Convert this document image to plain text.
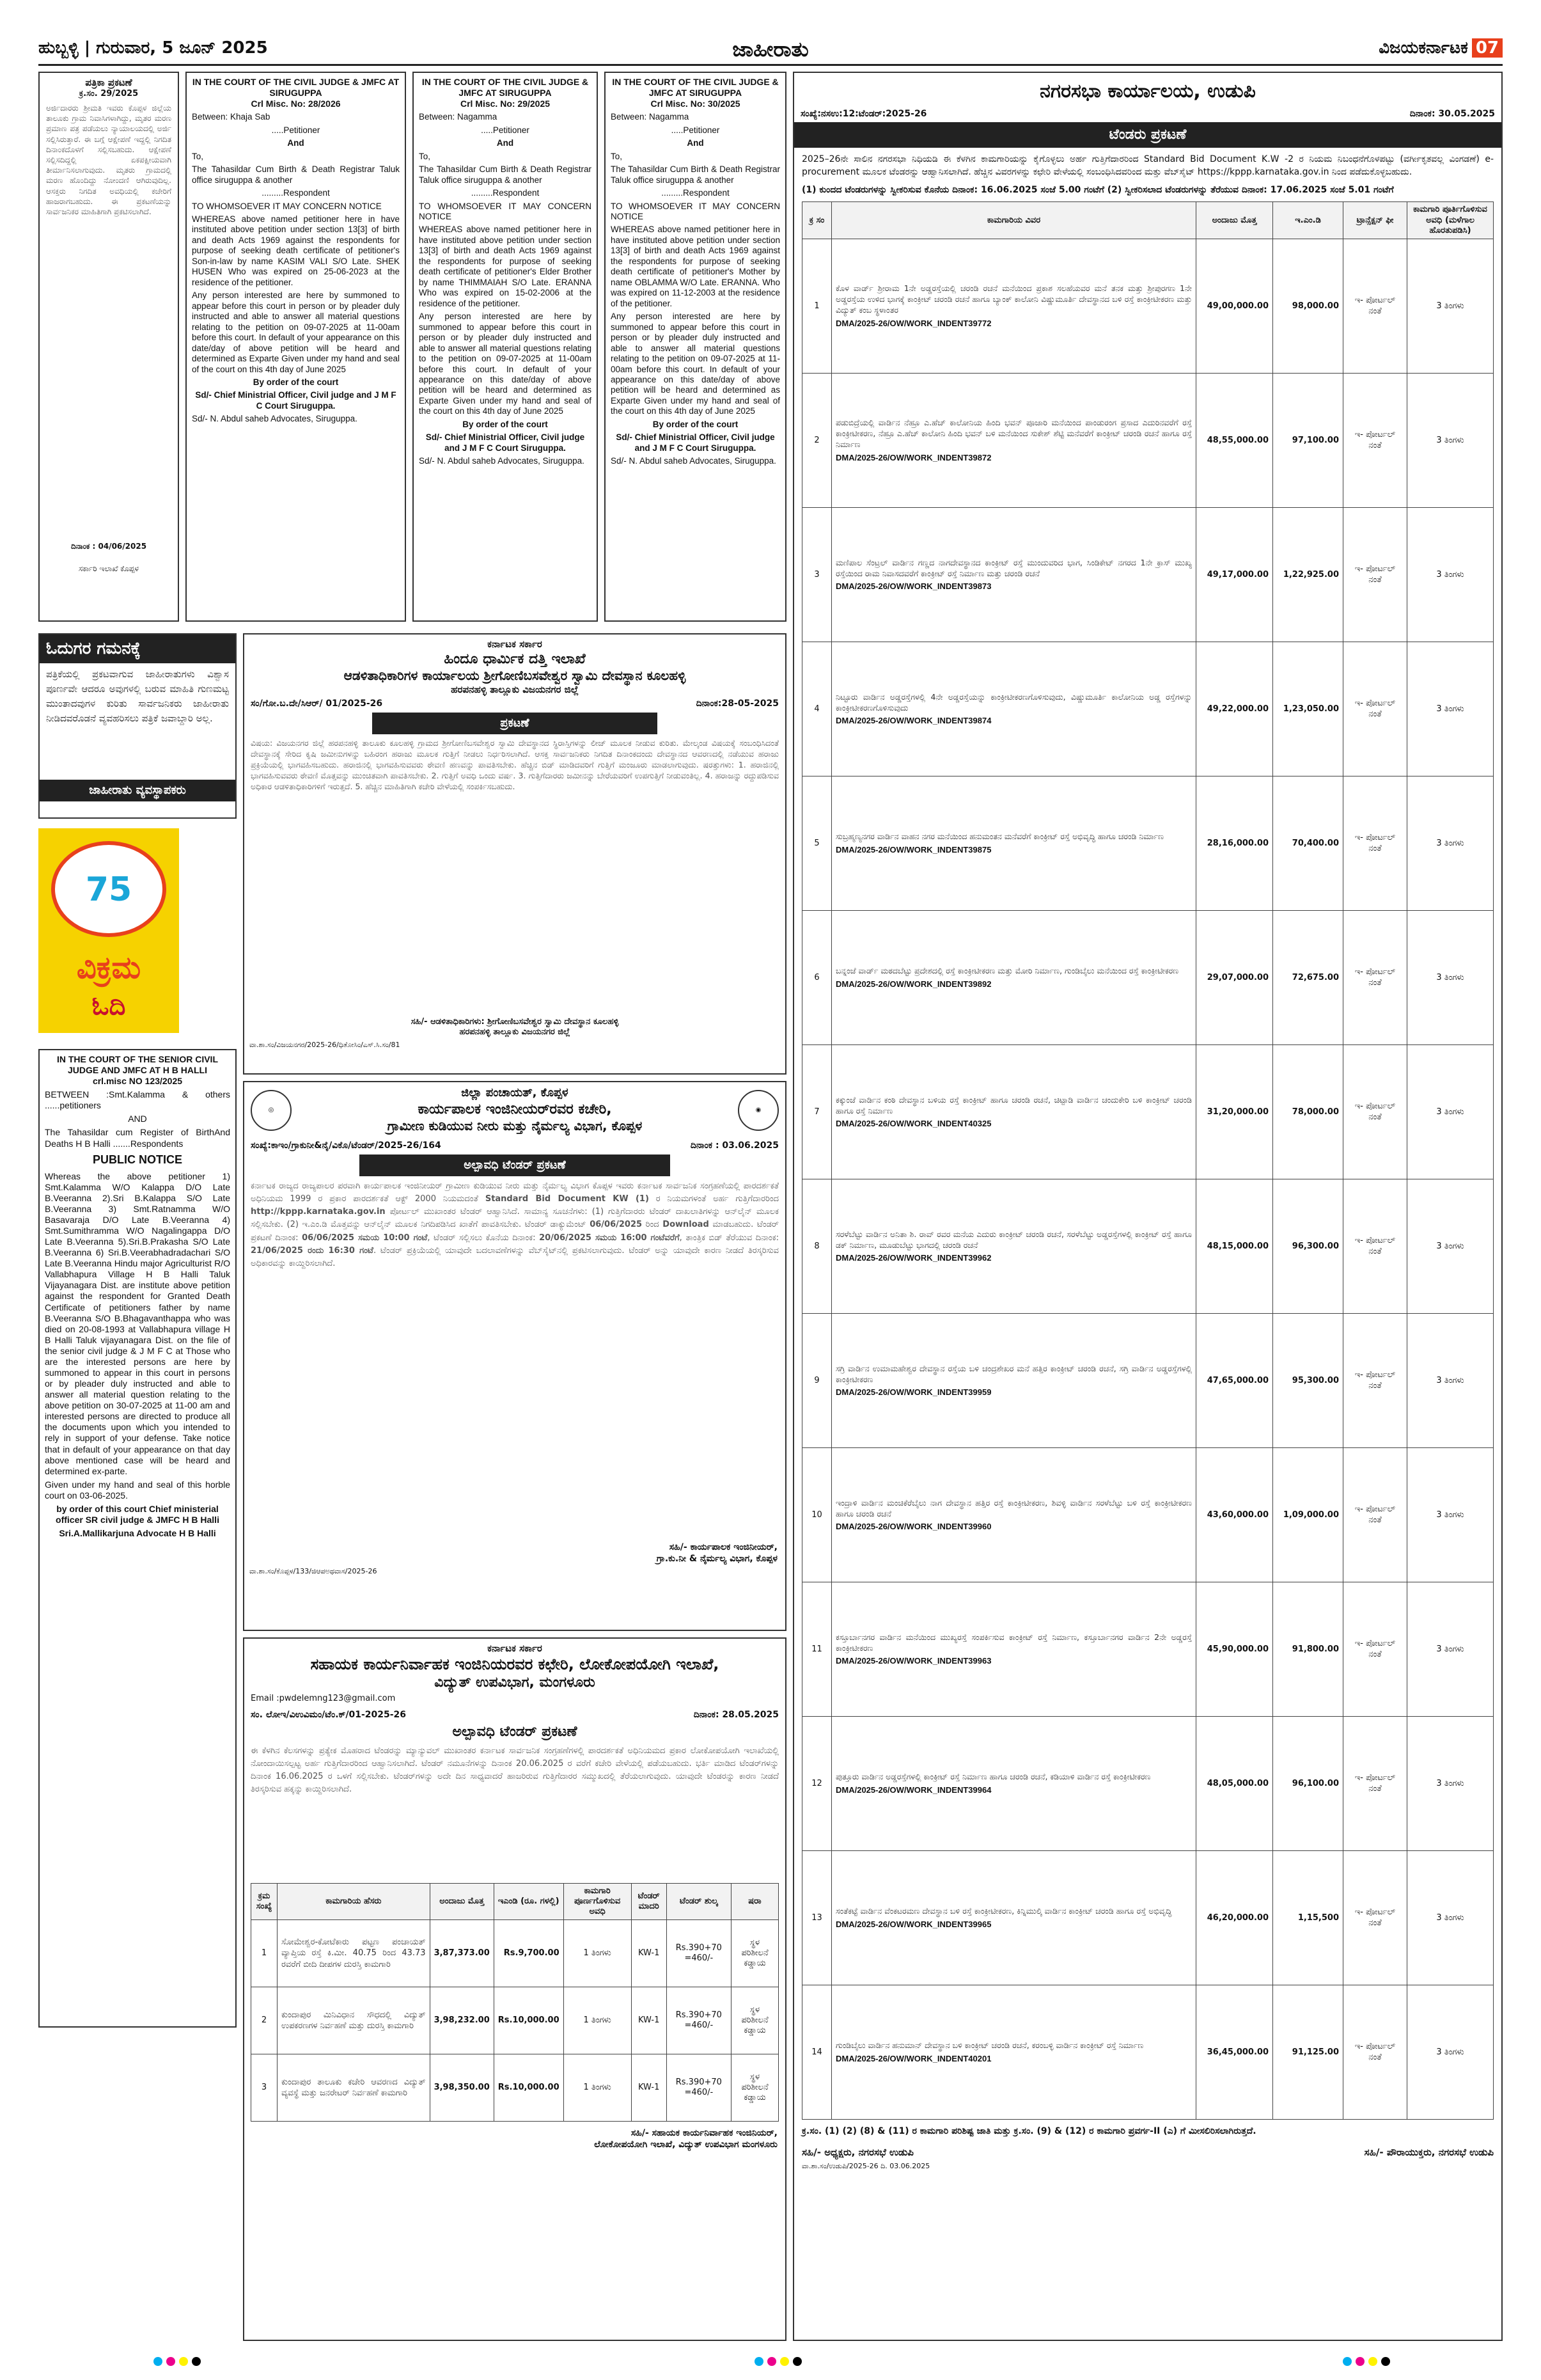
ಹುಬ್ಬಳ್ಳಿ | ಗುರುವಾರ, 5 ಜೂನ್ 2025	ಜಾಹೀರಾತು	ವಿಜಯಕರ್ನಾಟಕ 07
ಪತ್ರಿಕಾ ಪ್ರಕಟಣೆ
ಕ್ರ.ಸಂ. 29/2025
ಅರ್ಜಿದಾರರು ಶ್ರೀಮತಿ ಇವರು ಕೊಪ್ಪಳ ಜಿಲ್ಲೆಯ ತಾಲೂಕು ಗ್ರಾಮ ನಿವಾಸಿಗಳಾಗಿದ್ದು, ಮೃತರ ಮರಣ ಪ್ರಮಾಣ ಪತ್ರ ಪಡೆಯಲು ನ್ಯಾಯಾಲಯದಲ್ಲಿ ಅರ್ಜಿ ಸಲ್ಲಿಸಿರುತ್ತಾರೆ. ಈ ಬಗ್ಗೆ ಆಕ್ಷೇಪಣೆ ಇದ್ದಲ್ಲಿ ನಿಗದಿತ ದಿನಾಂಕದೊಳಗೆ ಸಲ್ಲಿಸಬಹುದು. ಆಕ್ಷೇಪಣೆ ಸಲ್ಲಿಸದಿದ್ದಲ್ಲಿ ಏಕಪಕ್ಷೀಯವಾಗಿ ತೀರ್ಮಾನಿಸಲಾಗುವುದು. ಮೃತರು ಗ್ರಾಮದಲ್ಲಿ ಮರಣ ಹೊಂದಿದ್ದು ನೋಂದಣಿ ಆಗಿರುವುದಿಲ್ಲ. ಆಸಕ್ತರು ನಿಗದಿತ ಅವಧಿಯಲ್ಲಿ ಕಚೇರಿಗೆ ಹಾಜರಾಗಬಹುದು. ಈ ಪ್ರಕಟಣೆಯನ್ನು ಸಾರ್ವಜನಿಕರ ಮಾಹಿತಿಗಾಗಿ ಪ್ರಕಟಿಸಲಾಗಿದೆ.
ದಿನಾಂಕ : 04/06/2025
ಸರ್ಕಾರಿ ಇಲಾಖೆ ಕೊಪ್ಪಳ
IN THE COURT OF THE CIVIL JUDGE & JMFC AT SIRUGUPPA
Crl Misc. No: 28/2026

Between: Khaja Sab

.....Petitioner

And

To,

The Tahasildar Cum Birth & Death Registrar Taluk office siruguppa & another

.........Respondent

TO WHOMSOEVER IT MAY CONCERN NOTICE

WHEREAS above named petitioner here in have instituted above petition under section 13[3] of birth and death Acts 1969 against the respondents for purpose of seeking death certificate of petitioner's Son-in-law by name KASIM VALI S/O Late. SHEK HUSEN Who was expired on 25-06-2023 at the residence of the petitioner.

Any person interested are here by summoned to appear before this court in person or by pleader duly instructed and able to answer all material questions relating to the petition on 09-07-2025 at 11-00am before this court. In default of your appearance on this date/day of above petition will be heard and determined as Exparte Given under my hand and seal of the court on this 4th day of June 2025

By order of the court

Sd/- Chief Ministrial Officer, Civil judge and J M F C Court Siruguppa.

Sd/- N. Abdul saheb Advocates, Siruguppa.

IN THE COURT OF THE CIVIL JUDGE & JMFC AT SIRUGUPPA
Crl Misc. No: 29/2025

Between: Nagamma

.....Petitioner

And

To,

The Tahasildar Cum Birth & Death Registrar Taluk office siruguppa & another

.........Respondent

TO WHOMSOEVER IT MAY CONCERN NOTICE

WHEREAS above named petitioner here in have instituted above petition under section 13[3] of birth and death Acts 1969 against the respondents for purpose of seeking death certificate of petitioner's Elder Brother by name THIMMAIAH S/O Late. ERANNA Who was expired on 15-02-2006 at the residence of the petitioner.

Any person interested are here by summoned to appear before this court in person or by pleader duly instructed and able to answer all material questions relating to the petition on 09-07-2025 at 11-00am before this court. In default of your appearance on this date/day of above petition will be heard and determined as Exparte Given under my hand and seal of the court on this 4th day of June 2025

By order of the court

Sd/- Chief Ministrial Officer, Civil judge and J M F C Court Siruguppa.

Sd/- N. Abdul saheb Advocates, Siruguppa.

IN THE COURT OF THE CIVIL JUDGE & JMFC AT SIRUGUPPA
Crl Misc. No: 30/2025

Between: Nagamma

.....Petitioner

And

To,

The Tahasildar Cum Birth & Death Registrar Taluk office siruguppa & another

.........Respondent

TO WHOMSOEVER IT MAY CONCERN NOTICE

WHEREAS above named petitioner here in have instituted above petition under section 13[3] of birth and death Acts 1969 against the respondents for purpose of seeking death certificate of petitioner's Mother by name OBLAMMA W/O Late. ERANNA. Who was expired on 11-12-2003 at the residence of the petitioner.

Any person interested are here by summoned to appear before this court in person or by pleader duly instructed and able to answer all material questions relating to the petition on 09-07-2025 at 11-00am before this court. In default of your appearance on this date/day of above petition will be heard and determined as Exparte Given under my hand and seal of the court on this 4th day of June 2025

By order of the court

Sd/- Chief Ministrial Officer, Civil judge and J M F C Court Siruguppa.

Sd/- N. Abdul saheb Advocates, Siruguppa.

ಓದುಗರ ಗಮನಕ್ಕೆ
ಪತ್ರಿಕೆಯಲ್ಲಿ ಪ್ರಕಟವಾಗುವ ಜಾಹೀರಾತುಗಳು ವಿಶ್ವಾಸ ಪೂರ್ಣವೇ ಆದರೂ ಅವುಗಳಲ್ಲಿ ಬರುವ ಮಾಹಿತಿ ಗುಣಮಟ್ಟ ಮುಂತಾದವುಗಳ ಕುರಿತು ಸಾರ್ವಜನಿಕರು ಜಾಹೀರಾತು ನೀಡಿದವರೊಡನೆ ವ್ಯವಹರಿಸಲು ಪತ್ರಿಕೆ ಜವಾಬ್ದಾರಿ ಅಲ್ಲ.
ಜಾಹೀರಾತು ವ್ಯವಸ್ಥಾಪಕರು
75
ವಿಕ್ರಮ
ಓದಿ
IN THE COURT OF THE SENIOR CIVIL JUDGE AND JMFC AT H B HALLI
crl.misc NO 123/2025

BETWEEN :Smt.Kalamma & others ......petitioners

AND

The Tahasildar cum Register of BirthAnd Deaths H B Halli .......Respondents

PUBLIC NOTICE

Whereas the above petitioner 1) Smt.Kalamma W/O Kalappa D/O Late B.Veeranna 2).Sri B.Kalappa S/O Late B.Veeranna 3) Smt.Ratnamma W/O Basavaraja D/O Late B.Veeranna 4) Smt.Sumithramma W/O Nagalingappa D/O Late B.Veeranna 5).Sri.B.Prakasha S/O Late B.Veeranna 6) Sri.B.Veerabhadradachari S/O Late B.Veeranna Hindu major Agriculturist R/O Vallabhapura Village H B Halli Taluk Vijayanagara Dist. are institute above petition against the respondent for Granted Death Certificate of petitioners father by name B.Veeranna S/O B.Bhagavanthappa who was died on 20-08-1993 at Vallabhapura village H B Halli Taluk vijayanagara Dist. on the file of the senior civil judge & J M F C at Those who are the interested persons are here by summoned to appear in this court in persons or by pleader duly instructed and able to answer all material question relating to the above petition on 30-07-2025 at 11-00 am and interested persons are directed to produce all the documents upon which you intended to rely in support of your defense. Take notice that in default of your appearance on that day above mentioned case will be heard and determined ex-parte.

Given under my hand and seal of this horble court on 03-06-2025.

by order of this court Chief ministerial officer SR civil judge & JMFC H B Halli

Sri.A.Mallikarjuna Advocate H B Halli

ಕರ್ನಾಟಕ ಸರ್ಕಾರ
ಹಿಂದೂ ಧಾರ್ಮಿಕ ದತ್ತಿ ಇಲಾಖೆ
ಆಡಳಿತಾಧಿಕಾರಿಗಳ ಕಾರ್ಯಾಲಯ ಶ್ರೀಗೋಣಿಬಸವೇಶ್ವರ ಸ್ವಾಮಿ ದೇವಸ್ಥಾನ ಕೂಲಹಳ್ಳಿ
ಹರಪನಹಳ್ಳಿ ತಾಲ್ಲೂಕು ವಿಜಯನಗರ ಜಿಲ್ಲೆ
ಸಂ/ಗೋ.ಬ.ದೇ/ಸಿಆರ್/ 01/2025-26	ದಿನಾಂಕ:28-05-2025
ಪ್ರಕಟಣೆ
ವಿಷಯ: ವಿಜಯನಗರ ಜಿಲ್ಲೆ ಹರಪನಹಳ್ಳಿ ತಾಲೂಕು ಕೂಲಹಳ್ಳಿ ಗ್ರಾಮದ ಶ್ರೀಗೋಣಿಬಸವೇಶ್ವರ ಸ್ವಾಮಿ ದೇವಸ್ಥಾನದ ಸ್ಥಿರಾಸ್ತಿಗಳನ್ನು ಲೀಜ್ ಮೂಲಕ ನೀಡುವ ಕುರಿತು. ಮೇಲ್ಕಂಡ ವಿಷಯಕ್ಕೆ ಸಂಬಂಧಿಸಿದಂತೆ ದೇವಸ್ಥಾನಕ್ಕೆ ಸೇರಿದ ಕೃಷಿ ಜಮೀನುಗಳನ್ನು ಬಹಿರಂಗ ಹರಾಜು ಮೂಲಕ ಗುತ್ತಿಗೆ ನೀಡಲು ನಿರ್ಧರಿಸಲಾಗಿದೆ. ಆಸಕ್ತ ಸಾರ್ವಜನಿಕರು ನಿಗದಿತ ದಿನಾಂಕದಂದು ದೇವಸ್ಥಾನದ ಆವರಣದಲ್ಲಿ ನಡೆಯುವ ಹರಾಜು ಪ್ರಕ್ರಿಯೆಯಲ್ಲಿ ಭಾಗವಹಿಸಬಹುದು. ಹರಾಜಿನಲ್ಲಿ ಭಾಗವಹಿಸುವವರು ಠೇವಣಿ ಹಣವನ್ನು ಪಾವತಿಸಬೇಕು. ಹೆಚ್ಚಿನ ಬಿಡ್ ಮಾಡಿದವರಿಗೆ ಗುತ್ತಿಗೆ ಮಂಜೂರು ಮಾಡಲಾಗುವುದು. ಷರತ್ತುಗಳು: 1. ಹರಾಜಿನಲ್ಲಿ ಭಾಗವಹಿಸುವವರು ಠೇವಣಿ ಮೊತ್ತವನ್ನು ಮುಂಚಿತವಾಗಿ ಪಾವತಿಸಬೇಕು. 2. ಗುತ್ತಿಗೆ ಅವಧಿ ಒಂದು ವರ್ಷ. 3. ಗುತ್ತಿಗೆದಾರರು ಜಮೀನನ್ನು ಬೇರೆಯವರಿಗೆ ಉಪಗುತ್ತಿಗೆ ನೀಡುವಂತಿಲ್ಲ. 4. ಹರಾಜನ್ನು ರದ್ದುಪಡಿಸುವ ಅಧಿಕಾರ ಆಡಳಿತಾಧಿಕಾರಿಗಳಿಗೆ ಇರುತ್ತದೆ. 5. ಹೆಚ್ಚಿನ ಮಾಹಿತಿಗಾಗಿ ಕಚೇರಿ ವೇಳೆಯಲ್ಲಿ ಸಂಪರ್ಕಿಸಬಹುದು.
ಸಹಿ/- ಆಡಳಿತಾಧಿಕಾರಿಗಳು: ಶ್ರೀಗೋಣಿಬಸವೇಶ್ವರ ಸ್ವಾಮಿ ದೇವಸ್ಥಾನ ಕೂಲಹಳ್ಳಿ
ಹರಪನಹಳ್ಳಿ ತಾಲ್ಲೂಕು ವಿಜಯನಗರ ಜಿಲ್ಲೆ
ವಾ.ಶಾ.ಸಂ/ವಿಜಯನಗರ/2025-26/ಧಿತೋಸಿಂ/ಎಸ್.ಸಿ.ಸಂ/81
◎
ಜಿಲ್ಲಾ ಪಂಚಾಯತ್, ಕೊಪ್ಪಳ
ಕಾರ್ಯಪಾಲಕ ಇಂಜಿನೀಯರ್‌ರವರ ಕಚೇರಿ,
ಗ್ರಾಮೀಣ ಕುಡಿಯುವ ನೀರು ಮತ್ತು ನೈರ್ಮಲ್ಯ ವಿಭಾಗ, ಕೊಪ್ಪಳ
◉
ಸಂಖ್ಯೆ:ಕಾಇಂ/ಗ್ರಾಕುನೀ&ನೈ/ವಿಕೊ/ಟೆಂಡರ್/2025-26/164	ದಿನಾಂಕ : 03.06.2025
ಅಲ್ಪಾವಧಿ ಟೆಂಡರ್ ಪ್ರಕಟಣೆ
ಕರ್ನಾಟಕ ರಾಜ್ಯದ ರಾಜ್ಯಪಾಲರ ಪರವಾಗಿ ಕಾರ್ಯಪಾಲಕ ಇಂಜಿನೀಯರ್ ಗ್ರಾಮೀಣ ಕುಡಿಯುವ ನೀರು ಮತ್ತು ನೈರ್ಮಲ್ಯ ವಿಭಾಗ ಕೊಪ್ಪಳ ಇವರು ಕರ್ನಾಟಕ ಸಾರ್ವಜನಿಕ ಸಂಗ್ರಹಣೆಯಲ್ಲಿ ಪಾರದರ್ಶಕತೆ ಅಧಿನಿಯಮ 1999 ರ ಪ್ರಕಾರ ಪಾರದರ್ಶಕತೆ ಆಕ್ಟ್ 2000 ನಿಯಮದಂತೆ Standard Bid Document KW (1) ರ ನಿಯಮಗಳಂತೆ ಅರ್ಹ ಗುತ್ತಿಗೆದಾರರಿಂದ http://kppp.karnataka.gov.in ಪೋರ್ಟಲ್ ಮುಖಾಂತರ ಟೆಂಡರ್ ಆಹ್ವಾನಿಸಿದೆ. ಸಾಮಾನ್ಯ ಸೂಚನೆಗಳು: (1) ಗುತ್ತಿಗೆದಾರರು ಟೆಂಡರ್ ದಾಖಲಾತಿಗಳನ್ನು ಆನ್‌ಲೈನ್ ಮೂಲಕ ಸಲ್ಲಿಸಬೇಕು. (2) ಇ.ಎಂ.ಡಿ ಮೊತ್ತವನ್ನು ಆನ್‌ಲೈನ್ ಮೂಲಕ ನಿಗದಿಪಡಿಸಿದ ಖಾತೆಗೆ ಪಾವತಿಸಬೇಕು. ಟೆಂಡರ್ ಡಾಕ್ಯುಮೆಂಟ್ 06/06/2025 ರಿಂದ Download ಮಾಡಬಹುದು. ಟೆಂಡರ್ ಪ್ರಕಟಣೆ ದಿನಾಂಕ: 06/06/2025 ಸಮಯ 10:00 ಗಂಟೆ, ಟೆಂಡರ್ ಸಲ್ಲಿಸಲು ಕೊನೆಯ ದಿನಾಂಕ: 20/06/2025 ಸಮಯ 16:00 ಗಂಟೆವರೆಗೆ, ತಾಂತ್ರಿಕ ಬಿಡ್ ತೆರೆಯುವ ದಿನಾಂಕ: 21/06/2025 ರಂದು 16:30 ಗಂಟೆ. ಟೆಂಡರ್ ಪ್ರಕ್ರಿಯೆಯಲ್ಲಿ ಯಾವುದೇ ಬದಲಾವಣೆಗಳನ್ನು ವೆಬ್‌ಸೈಟ್‌ನಲ್ಲಿ ಪ್ರಕಟಿಸಲಾಗುವುದು. ಟೆಂಡರ್ ಅನ್ನು ಯಾವುದೇ ಕಾರಣ ನೀಡದೆ ತಿರಸ್ಕರಿಸುವ ಅಧಿಕಾರವನ್ನು ಕಾಯ್ದಿರಿಸಲಾಗಿದೆ.
ಸಹಿ/- ಕಾರ್ಯಪಾಲಕ ಇಂಜಿನೀಯರ್,
ಗ್ರಾ.ಕು.ನೀ & ನೈರ್ಮಲ್ಯ ವಿಭಾಗ, ಕೊಪ್ಪಳ
ವಾ.ಶಾ.ಸಂ/ಕೊಪ್ಪಳ/133/ಜಿಆಪಅಥವಾಸ/2025-26
ಕರ್ನಾಟಕ ಸರ್ಕಾರ
ಸಹಾಯಕ ಕಾರ್ಯನಿರ್ವಾಹಕ ಇಂಜಿನಿಯರವರ ಕಛೇರಿ, ಲೋಕೋಪಯೋಗಿ ಇಲಾಖೆ,
ವಿದ್ಯುತ್ ಉಪವಿಭಾಗ, ಮಂಗಳೂರು
Email :pwdelemng123@gmail.com
ಸಂ. ಲೋಇ/ವಿಉವಿಮಂ/ಟೆಂ.ಕ್/01-2025-26	ದಿನಾಂಕ: 28.05.2025
ಅಲ್ಪಾವಧಿ ಟೆಂಡರ್ ಪ್ರಕಟಣೆ
ಈ ಕೆಳಗಿನ ಕೆಲಸಗಳನ್ನು ಪ್ರತ್ಯೇಕ ಮೊಹರಾದ ಟೆಂಡರನ್ನು ಮ್ಯಾನ್ಯುವಲ್ ಮುಖಾಂತರ ಕರ್ನಾಟಕ ಸಾರ್ವಜನಿಕ ಸಂಗ್ರಹಣೆಗಳಲ್ಲಿ ಪಾರದರ್ಶಕತೆ ಅಧಿನಿಯಮದ ಪ್ರಕಾರ ಲೋಕೋಪಯೋಗಿ ಇಲಾಖೆಯಲ್ಲಿ ನೋಂದಾಯಿಸಲ್ಪಟ್ಟ ಅರ್ಹ ಗುತ್ತಿಗೆದಾರರಿಂದ ಆಹ್ವಾನಿಸಲಾಗಿದೆ. ಟೆಂಡರ್ ನಮೂನೆಗಳನ್ನು ದಿನಾಂಕ 20.06.2025 ರ ವರೆಗೆ ಕಚೇರಿ ವೇಳೆಯಲ್ಲಿ ಪಡೆಯಬಹುದು. ಭರ್ತಿ ಮಾಡಿದ ಟೆಂಡರ್‌ಗಳನ್ನು ದಿನಾಂಕ 16.06.2025 ರ ಒಳಗೆ ಸಲ್ಲಿಸಬೇಕು. ಟೆಂಡರ್‌ಗಳನ್ನು ಅದೇ ದಿನ ಸಾಧ್ಯವಾದರೆ ಹಾಜರಿರುವ ಗುತ್ತಿಗೆದಾರರ ಸಮ್ಮುಖದಲ್ಲಿ ತೆರೆಯಲಾಗುವುದು. ಯಾವುದೇ ಟೆಂಡರನ್ನು ಕಾರಣ ನೀಡದೆ ತಿರಸ್ಕರಿಸುವ ಹಕ್ಕನ್ನು ಕಾಯ್ದಿರಿಸಲಾಗಿದೆ.
ಕ್ರಮ ಸಂಖ್ಯೆ	ಕಾಮಗಾರಿಯ ಹೆಸರು	ಅಂದಾಜು ಮೊತ್ತ	ಇಎಂಡಿ (ರೂ. ಗಳಲ್ಲಿ)	ಕಾಮಗಾರಿ ಪೂರ್ಣಗೊಳಿಸುವ ಅವಧಿ	ಟೆಂಡರ್ ಮಾದರಿ	ಟೆಂಡರ್ ಶುಲ್ಕ	ಷರಾ
1	ಸೋಮೇಶ್ವರ-ಕೋಟೆಕಾರು ಪಟ್ಟಣ ಪಂಚಾಯತ್ ವ್ಯಾಪ್ತಿಯ ರಸ್ತೆ ಕಿ.ಮೀ. 40.75 ರಿಂದ 43.73 ರವರೆಗೆ ಬೀದಿ ದೀಪಗಳ ದುರಸ್ತಿ ಕಾಮಗಾರಿ	3,87,373.00	Rs.9,700.00	1 ತಿಂಗಳು	KW-1	Rs.390+70 =460/-	ಸ್ಥಳ ಪರಿಶೀಲನೆ ಕಡ್ಡಾಯ
2	ಕುಂದಾಪುರ ಮಿನಿವಿಧಾನ ಸೌಧದಲ್ಲಿ ವಿದ್ಯುತ್ ಉಪಕರಣಗಳ ನಿರ್ವಹಣೆ ಮತ್ತು ದುರಸ್ತಿ ಕಾಮಗಾರಿ	3,98,232.00	Rs.10,000.00	1 ತಿಂಗಳು	KW-1	Rs.390+70 =460/-	ಸ್ಥಳ ಪರಿಶೀಲನೆ ಕಡ್ಡಾಯ
3	ಕುಂದಾಪುರ ತಾಲೂಕು ಕಚೇರಿ ಆವರಣದ ವಿದ್ಯುತ್ ವ್ಯವಸ್ಥೆ ಮತ್ತು ಜನರೇಟರ್ ನಿರ್ವಹಣೆ ಕಾಮಗಾರಿ	3,98,350.00	Rs.10,000.00	1 ತಿಂಗಳು	KW-1	Rs.390+70 =460/-	ಸ್ಥಳ ಪರಿಶೀಲನೆ ಕಡ್ಡಾಯ
ಸಹಿ/- ಸಹಾಯಕ ಕಾರ್ಯನಿರ್ವಾಹಕ ಇಂಜಿನಿಯರ್,
ಲೋಕೋಪಯೋಗಿ ಇಲಾಖೆ, ವಿದ್ಯುತ್ ಉಪವಿಭಾಗ ಮಂಗಳೂರು
ನಗರಸಭಾ ಕಾರ್ಯಾಲಯ, ಉಡುಪಿ
ಸಂಖ್ಯೆ:ನಸಉ:12:ಟೆಂಡರ್:2025-26	ದಿನಾಂಕ: 30.05.2025
ಟೆಂಡರು ಪ್ರಕಟಣೆ
2025–26ನೇ ಸಾಲಿನ ನಗರಸಭಾ ನಿಧಿಯಡಿ ಈ ಕೆಳಗಿನ ಕಾಮಗಾರಿಯನ್ನು ಕೈಗೊಳ್ಳಲು ಅರ್ಹ ಗುತ್ತಿಗೆದಾರರಿಂದ Standard Bid Document K.W -2 ರ ನಿಯಮ ನಿಬಂಧನೆಗೊಳಪಟ್ಟು (ವರ್ಗೀಕೃತವಲ್ಲ ವಿಂಗಡಣೆ) e-procurement ಮೂಲಕ ಟೆಂಡರನ್ನು ಆಹ್ವಾನಿಸಲಾಗಿದೆ. ಹೆಚ್ಚಿನ ವಿವರಗಳನ್ನು ಕಛೇರಿ ವೇಳೆಯಲ್ಲಿ ಸಂಬಂಧಿಸಿದವರಿಂದ ಮತ್ತು ವೆಬ್‌ಸೈಟ್ https://kppp.karnataka.gov.in ನಿಂದ ಪಡೆದುಕೊಳ್ಳಬಹುದು.
(1) ಕುಂದದ ಟೆಂಡರುಗಳನ್ನು ಸ್ವೀಕರಿಸುವ ಕೊನೆಯ ದಿನಾಂಕ: 16.06.2025 ಸಂಜೆ 5.00 ಗಂಟೆಗೆ (2) ಸ್ವೀಕರಿಸಲಾದ ಟೆಂಡರುಗಳನ್ನು ತೆರೆಯುವ ದಿನಾಂಕ: 17.06.2025 ಸಂಜೆ 5.01 ಗಂಟೆಗೆ
ಕ್ರ ಸಂ	ಕಾಮಗಾರಿಯ ವಿವರ	ಅಂದಾಜು ಮೊತ್ತ	ಇ.ಎಂ.ಡಿ	ಟ್ರಾನ್ಸೆಕ್ಷನ್ ಫೀ	ಕಾಮಗಾರಿ ಪೂರ್ತಿಗೊಳಿಸುವ ಅವಧಿ (ಮಳೆಗಾಲ ಹೊರತುಪಡಿಸಿ)
1	ಕೊಳ ವಾರ್ಡ್ ಶ್ರೀರಾಮ 1ನೇ ಅಡ್ಡರಸ್ತೆಯಲ್ಲಿ ಚರಂಡಿ ರಚನೆ ಮನೆಯಿಂದ ಪ್ರಕಾಶ ಸಲಹೆಯವರ ಮನೆ ತನಕ ಮತ್ತು ಶ್ರೀಪುರಗಣ 1ನೇ ಅಡ್ಡರಸ್ತೆಯ ಉಳಿದ ಭಾಗಕ್ಕೆ ಕಾಂಕ್ರೀಟ್ ಚರಂಡಿ ರಚನೆ ಹಾಗೂ ಬ್ಯಾಂಕ್ ಕಾಲೋನಿ ವಿಷ್ಣುಮೂರ್ತಿ ದೇವಸ್ಥಾನದ ಬಳಿ ರಸ್ತೆ ಕಾಂಕ್ರೀಟೀಕರಣ ಮತ್ತು ವಿದ್ಯುತ್ ಕಂಬ ಸ್ಥಳಾಂತರ
DMA/2025-26/OW/WORK_INDENT39772	49,00,000.00	98,000.00	ಇ- ಪೋರ್ಟಲ್ ನಂತೆ	3 ತಿಂಗಳು
2	ಪಡುಬಿದ್ರೆಯಲ್ಲಿ ವಾರ್ಡಿನ ನೆಹ್ರೂ ಎ.ಹೆಚ್ ಕಾಲೋನಿಯ ಹಿಂದಿ ಭವನ್ ಪೂಜಾರಿ ಮನೆಯಿಂದ ಪಾಂಡುರಂಗ ಪ್ರಸಾದ ಎದುರಿನವರೆಗೆ ರಸ್ತೆ ಕಾಂಕ್ರೀಟೀಕರಣ, ನೆಹ್ರೂ ಎ.ಹೆಚ್ ಕಾಲೋನಿ ಹಿಂದಿ ಭವನ್ ಬಳಿ ಮನೆಯಿಂದ ಸುಕೇಶ್ ಶೆಟ್ಟಿ ಮನೆವರೆಗೆ ಕಾಂಕ್ರೀಟ್ ಚರಂಡಿ ರಚನೆ ಹಾಗೂ ರಸ್ತೆ ನಿರ್ಮಾಣ
DMA/2025-26/OW/WORK_INDENT39872	48,55,000.00	97,100.00	ಇ- ಪೋರ್ಟಲ್ ನಂತೆ	3 ತಿಂಗಳು
3	ಮಣಿಪಾಲ ಸೆಂಟ್ರಲ್ ವಾರ್ಡಿನ ಗಣ್ಣದ ನಾಗದೇವಸ್ಥಾನದ ಕಾಂಕ್ರೀಟ್ ರಸ್ತೆ ಮುಂದುವರಿದ ಭಾಗ, ಸಿಂಡಿಕೇಟ್ ನಗರದ 1ನೇ ಕ್ರಾಸ್ ಮುಖ್ಯ ರಸ್ತೆಯಿಂದ ರಾಮ ನಿವಾಸದವರೆಗೆ ಕಾಂಕ್ರೀಟ್ ರಸ್ತೆ ನಿರ್ಮಾಣ ಮತ್ತು ಚರಂಡಿ ರಚನೆ
DMA/2025-26/OW/WORK_INDENT39873	49,17,000.00	1,22,925.00	ಇ- ಪೋರ್ಟಲ್ ನಂತೆ	3 ತಿಂಗಳು
4	ನಿಟ್ಟೂರು ವಾರ್ಡಿನ ಅಡ್ಡರಸ್ತೆಗಳಲ್ಲಿ 4ನೇ ಅಡ್ಡರಸ್ತೆಯನ್ನು ಕಾಂಕ್ರೀಟೀಕರಣಗೊಳಿಸುವುದು, ವಿಷ್ಣುಮೂರ್ತಿ ಕಾಲೋನಿಯ ಅಡ್ಡ ರಸ್ತೆಗಳನ್ನು ಕಾಂಕ್ರೀಟೀಕರಣಗೊಳಿಸುವುದು
DMA/2025-26/OW/WORK_INDENT39874	49,22,000.00	1,23,050.00	ಇ- ಪೋರ್ಟಲ್ ನಂತೆ	3 ತಿಂಗಳು
5	ಸುಬ್ರಹ್ಮಣ್ಯನಗರ ವಾರ್ಡಿನ ವಾಹನ ನಗರ ಮನೆಯಿಂದ ಹನುಮಂತನ ಮನೆವರೆಗೆ ಕಾಂಕ್ರೀಟ್ ರಸ್ತೆ ಅಭಿವೃದ್ಧಿ ಹಾಗೂ ಚರಂಡಿ ನಿರ್ಮಾಣ
DMA/2025-26/OW/WORK_INDENT39875	28,16,000.00	70,400.00	ಇ- ಪೋರ್ಟಲ್ ನಂತೆ	3 ತಿಂಗಳು
6	ಬನ್ನಂಜೆ ವಾರ್ಡ್ ಮಠದಬೆಟ್ಟು ಪ್ರದೇಶದಲ್ಲಿ ರಸ್ತೆ ಕಾಂಕ್ರೀಟೀಕರಣ ಮತ್ತು ಮೋರಿ ನಿರ್ಮಾಣ, ಗುಂಡಿಬೈಲು ಮನೆಯಿಂದ ರಸ್ತೆ ಕಾಂಕ್ರೀಟೀಕರಣ
DMA/2025-26/OW/WORK_INDENT39892	29,07,000.00	72,675.00	ಇ- ಪೋರ್ಟಲ್ ನಂತೆ	3 ತಿಂಗಳು
7	ಕಕ್ಕುಂಜೆ ವಾರ್ಡಿನ ಕಂಠಿ ದೇವಸ್ಥಾನ ಬಳಿಯ ರಸ್ತೆ ಕಾಂಕ್ರೀಟ್ ಹಾಗೂ ಚರಂಡಿ ರಚನೆ, ಚಿಟ್ಪಾಡಿ ವಾರ್ಡಿನ ಚಂದುಕೇರಿ ಬಳಿ ಕಾಂಕ್ರೀಟ್ ಚರಂಡಿ ಹಾಗೂ ರಸ್ತೆ ನಿರ್ಮಾಣ
DMA/2025-26/OW/WORK_INDENT40325	31,20,000.00	78,000.00	ಇ- ಪೋರ್ಟಲ್ ನಂತೆ	3 ತಿಂಗಳು
8	ಸರಳೆಬೆಟ್ಟು ವಾರ್ಡಿನ ಅನಿತಾ ಶಿ. ರಾವ್ ರವರ ಮನೆಯ ಎದುರು ಕಾಂಕ್ರೀಟ್ ಚರಂಡಿ ರಚನೆ, ಸರಳೆಬೆಟ್ಟು ಅಡ್ಡರಸ್ತೆಗಳಲ್ಲಿ ಕಾಂಕ್ರೀಟ್ ರಸ್ತೆ ಹಾಗೂ ಡಕ್ ನಿರ್ಮಾಣ, ಮೂಡುಬೆಟ್ಟು ಭಾಗದಲ್ಲಿ ಚರಂಡಿ ರಚನೆ
DMA/2025-26/OW/WORK_INDENT39962	48,15,000.00	96,300.00	ಇ- ಪೋರ್ಟಲ್ ನಂತೆ	3 ತಿಂಗಳು
9	ಸಗ್ರಿ ವಾರ್ಡಿನ ಉಮಾಮಹೇಶ್ವರ ದೇವಸ್ಥಾನ ರಸ್ತೆಯ ಬಳಿ ಚಂದ್ರಶೇಖರ ಮನೆ ಹತ್ತಿರ ಕಾಂಕ್ರೀಟ್ ಚರಂಡಿ ರಚನೆ, ಸಗ್ರಿ ವಾರ್ಡಿನ ಅಡ್ಡರಸ್ತೆಗಳಲ್ಲಿ ಕಾಂಕ್ರೀಟೀಕರಣ
DMA/2025-26/OW/WORK_INDENT39959	47,65,000.00	95,300.00	ಇ- ಪೋರ್ಟಲ್ ನಂತೆ	3 ತಿಂಗಳು
10	ಇಂದ್ರಾಳಿ ವಾರ್ಡಿನ ಮಂಚಿಕೆರೆಬೈಲು ನಾಗ ದೇವಸ್ಥಾನ ಹತ್ತಿರ ರಸ್ತೆ ಕಾಂಕ್ರೀಟೀಕರಣ, ಶಿವಳ್ಳಿ ವಾರ್ಡಿನ ಸರಳೆಬೆಟ್ಟು ಬಳಿ ರಸ್ತೆ ಕಾಂಕ್ರೀಟೀಕರಣ ಹಾಗೂ ಚರಂಡಿ ರಚನೆ
DMA/2025-26/OW/WORK_INDENT39960	43,60,000.00	1,09,000.00	ಇ- ಪೋರ್ಟಲ್ ನಂತೆ	3 ತಿಂಗಳು
11	ಕಸ್ತೂರ್ಬಾನಗರ ವಾರ್ಡಿನ ಮನೆಯಿಂದ ಮುಖ್ಯರಸ್ತೆ ಸಂಪರ್ಕಿಸುವ ಕಾಂಕ್ರೀಟ್ ರಸ್ತೆ ನಿರ್ಮಾಣ, ಕಸ್ತೂರ್ಬಾನಗರ ವಾರ್ಡಿನ 2ನೇ ಅಡ್ಡರಸ್ತೆ ಕಾಂಕ್ರೀಟೀಕರಣ
DMA/2025-26/OW/WORK_INDENT39963	45,90,000.00	91,800.00	ಇ- ಪೋರ್ಟಲ್ ನಂತೆ	3 ತಿಂಗಳು
12	ಪುತ್ತೂರು ವಾರ್ಡಿನ ಅಡ್ಡರಸ್ತೆಗಳಲ್ಲಿ ಕಾಂಕ್ರೀಟ್ ರಸ್ತೆ ನಿರ್ಮಾಣ ಹಾಗೂ ಚರಂಡಿ ರಚನೆ, ಕಡಿಯಾಳಿ ವಾರ್ಡಿನ ರಸ್ತೆ ಕಾಂಕ್ರೀಟೀಕರಣ
DMA/2025-26/OW/WORK_INDENT39964	48,05,000.00	96,100.00	ಇ- ಪೋರ್ಟಲ್ ನಂತೆ	3 ತಿಂಗಳು
13	ಸಂತೆಕಟ್ಟೆ ವಾರ್ಡಿನ ವೆಂಕಟರಮಣ ದೇವಸ್ಥಾನ ಬಳಿ ರಸ್ತೆ ಕಾಂಕ್ರೀಟೀಕರಣ, ಕಿನ್ನಿಮುಲ್ಕಿ ವಾರ್ಡಿನ ಕಾಂಕ್ರೀಟ್ ಚರಂಡಿ ಹಾಗೂ ರಸ್ತೆ ಅಭಿವೃದ್ಧಿ
DMA/2025-26/OW/WORK_INDENT39965	46,20,000.00	1,15,500	ಇ- ಪೋರ್ಟಲ್ ನಂತೆ	3 ತಿಂಗಳು
14	ಗುಂಡಿಬೈಲು ವಾರ್ಡಿನ ಹನುಮಾನ್ ದೇವಸ್ಥಾನ ಬಳಿ ಕಾಂಕ್ರೀಟ್ ಚರಂಡಿ ರಚನೆ, ಕರಂಬಳ್ಳಿ ವಾರ್ಡಿನ ಕಾಂಕ್ರೀಟ್ ರಸ್ತೆ ನಿರ್ಮಾಣ
DMA/2025-26/OW/WORK_INDENT40201	36,45,000.00	91,125.00	ಇ- ಪೋರ್ಟಲ್ ನಂತೆ	3 ತಿಂಗಳು
ಕ್ರ.ಸಂ. (1) (2) (8) & (11) ರ ಕಾಮಗಾರಿ ಪರಿಶಿಷ್ಟ ಜಾತಿ ಮತ್ತು ಕ್ರ.ಸಂ. (9) & (12) ರ ಕಾಮಗಾರಿ ಪ್ರವರ್ಗ-II (ಎ) ಗೆ ಮೀಸಲಿರಿಸಲಾಗಿರುತ್ತದೆ.
ಸಹಿ/- ಅಧ್ಯಕ್ಷರು, ನಗರಸಭೆ ಉಡುಪಿ	ಸಹಿ/- ಪೌರಾಯುಕ್ತರು, ನಗರಸಭೆ ಉಡುಪಿ
ವಾ.ಶಾ.ಸಂ/ಉಡುಪಿ/2025-26 ದಿ. 03.06.2025
